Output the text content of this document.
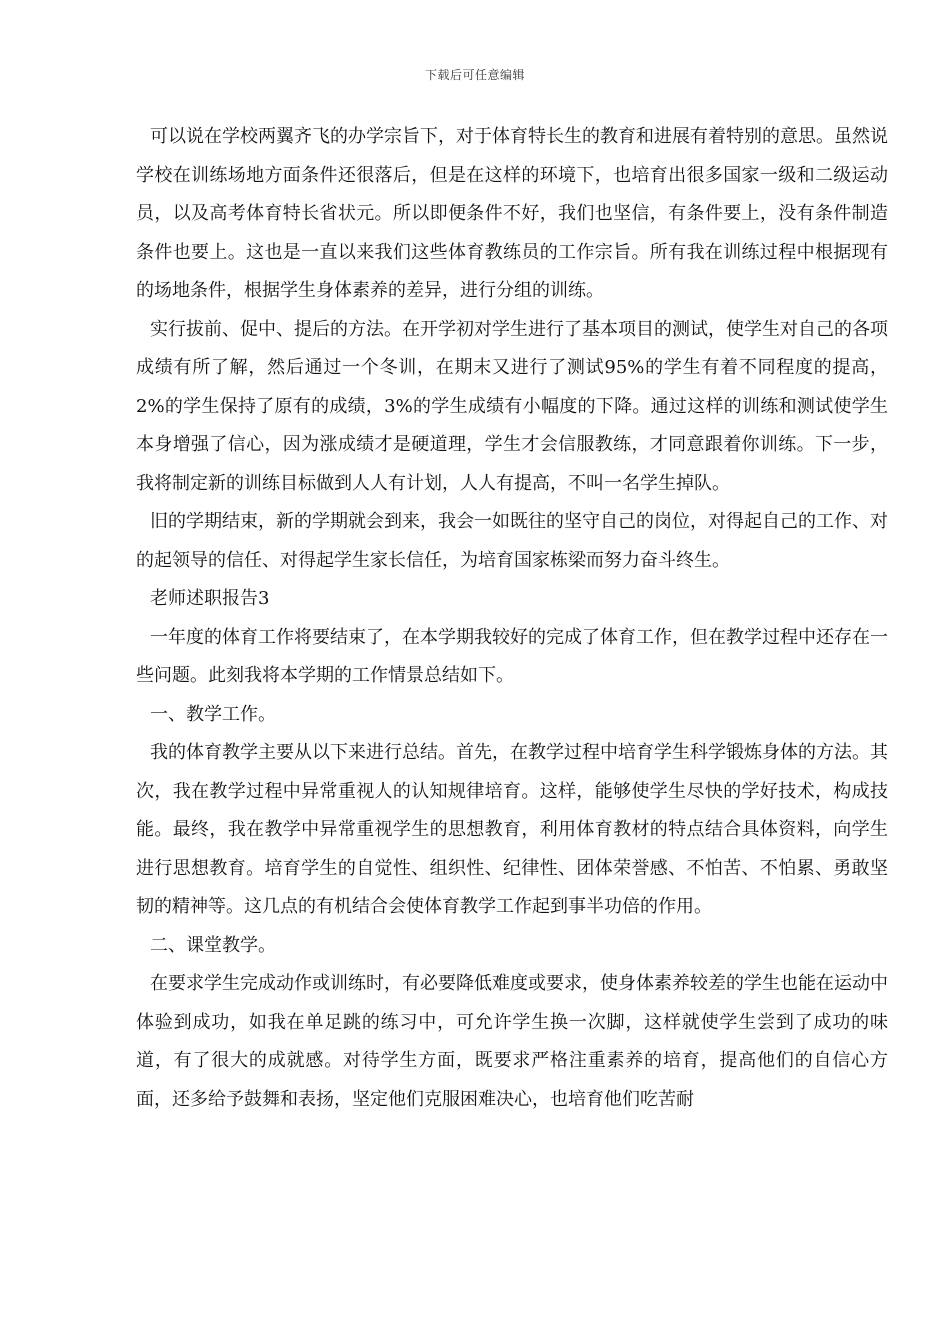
下载后可任意编辑

可以说在学校两翼齐飞的办学宗旨下，对于体育特长生的教育和进展有着特别的意思。虽然说学校在训练场地方面条件还很落后，但是在这样的环境下，也培育出很多国家一级和二级运动员，以及高考体育特长省状元。所以即便条件不好，我们也坚信，有条件要上，没有条件制造条件也要上。这也是一直以来我们这些体育教练员的工作宗旨。所有我在训练过程中根据现有的场地条件，根据学生身体素养的差异，进行分组的训练。

实行拔前、促中、提后的方法。在开学初对学生进行了基本项目的测试，使学生对自己的各项成绩有所了解，然后通过一个冬训，在期末又进行了测试95%的学生有着不同程度的提高，2%的学生保持了原有的成绩，3%的学生成绩有小幅度的下降。通过这样的训练和测试使学生本身增强了信心，因为涨成绩才是硬道理，学生才会信服教练，才同意跟着你训练。下一步，我将制定新的训练目标做到人人有计划，人人有提高，不叫一名学生掉队。

旧的学期结束，新的学期就会到来，我会一如既往的坚守自己的岗位，对得起自己的工作、对的起领导的信任、对得起学生家长信任，为培育国家栋梁而努力奋斗终生。

老师述职报告3

一年度的体育工作将要结束了，在本学期我较好的完成了体育工作，但在教学过程中还存在一些问题。此刻我将本学期的工作情景总结如下。

一、教学工作。

我的体育教学主要从以下来进行总结。首先，在教学过程中培育学生科学锻炼身体的方法。其次，我在教学过程中异常重视人的认知规律培育。这样，能够使学生尽快的学好技术，构成技能。最终，我在教学中异常重视学生的思想教育，利用体育教材的特点结合具体资料，向学生进行思想教育。培育学生的自觉性、组织性、纪律性、团体荣誉感、不怕苦、不怕累、勇敢坚韧的精神等。这几点的有机结合会使体育教学工作起到事半功倍的作用。

二、课堂教学。

在要求学生完成动作或训练时，有必要降低难度或要求，使身体素养较差的学生也能在运动中体验到成功，如我在单足跳的练习中，可允许学生换一次脚，这样就使学生尝到了成功的味道，有了很大的成就感。对待学生方面，既要求严格注重素养的培育，提高他们的自信心方面，还多给予鼓舞和表扬，坚定他们克服困难决心，也培育他们吃苦耐
